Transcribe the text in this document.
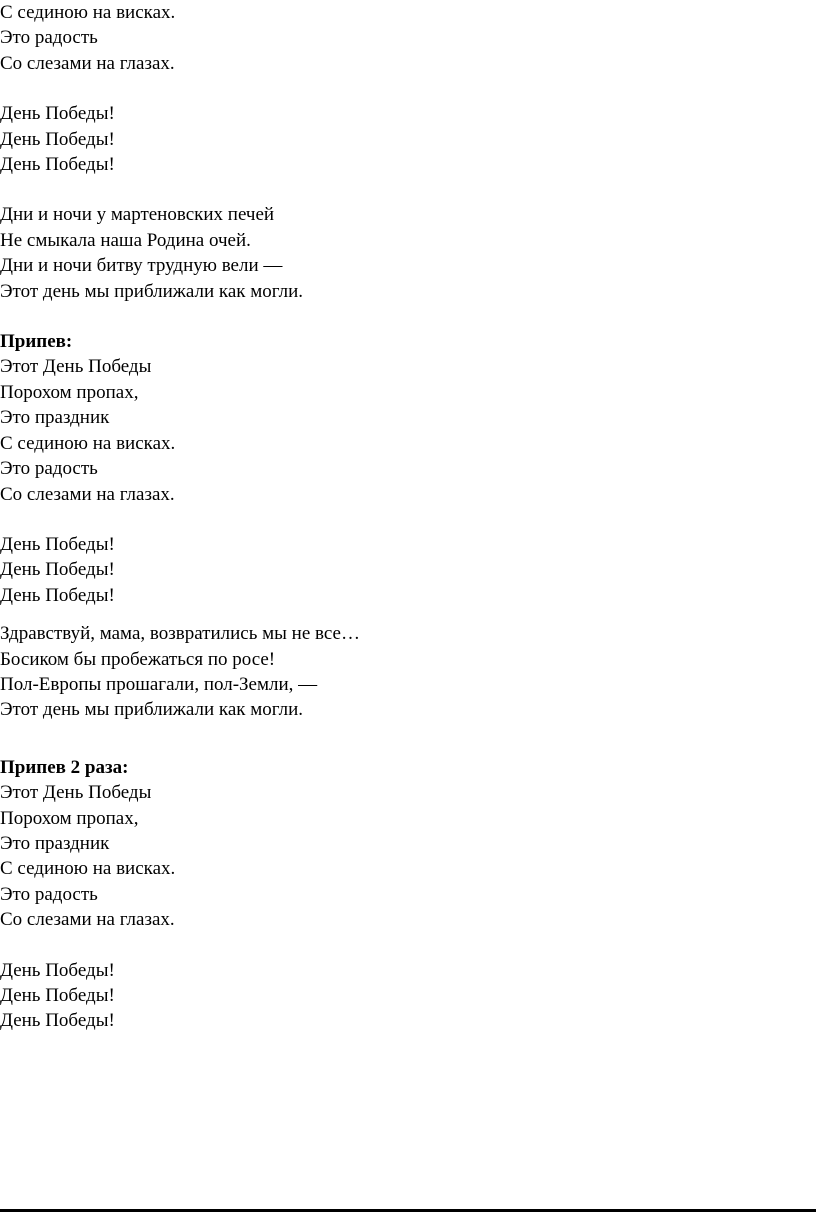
С сединою на висках.
Это радость
Со слезами на глазах.

День Победы!
День Победы!
День Победы!

Дни и ночи у мартеновских печей
Не смыкала наша Родина очей.
Дни и ночи битву трудную вели —
Этот день мы приближали как могли.

Припев:
Этот День Победы
Порохом пропах,
Это праздник
С сединою на висках.
Это радость
Со слезами на глазах.

День Победы!
День Победы!
День Победы!

Здравствуй, мама, возвратились мы не все…
Босиком бы пробежаться по росе!
Пол-Европы прошагали, пол-Земли, —
Этот день мы приближали как могли.

Припев 2 раза:
Этот День Победы
Порохом пропах,
Это праздник
С сединою на висках.
Это радость
Со слезами на глазах.

День Победы!
День Победы!
День Победы!
